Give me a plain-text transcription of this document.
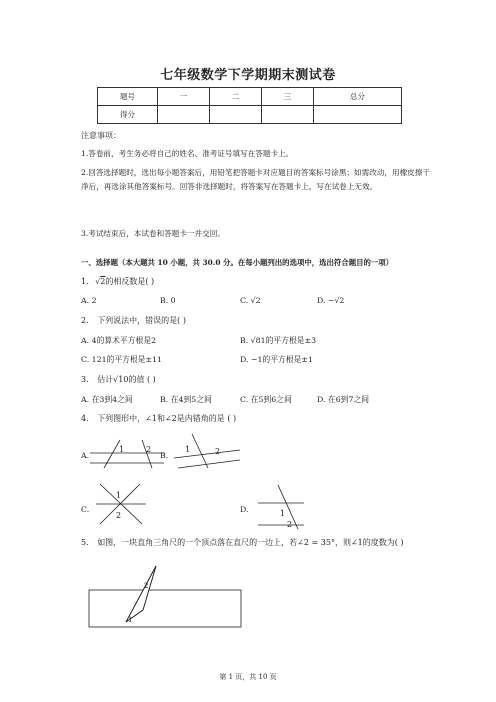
七年级数学下学期期末测试卷
题号	一	二	三	总分
得分				
注意事项：
1.答卷前，考生务必将自己的姓名、准考证号填写在答题卡上。
2.回答选择题时，选出每小题答案后，用铅笔把答题卡对应题目的答案标号涂黑；如需改动，用橡皮擦干净后，再选涂其他答案标号。回答非选择题时，将答案写在答题卡上，写在试卷上无效。
3.考试结束后，本试卷和答题卡一并交回。
一、选择题（本大题共 10 小题，共 30.0 分。在每小题列出的选项中，选出符合题目的一项）
1. √2的相反数是( )
A. 2	B. 0	C. √2	D. −√2
2. 下列说法中，错误的是( )
A. 4的算术平方根是2	B. √81的平方根是±3
C. 121的平方根是±11	D. −1的平方根是±1
3. 估计√10的值 ( )
A. 在3到4之间	B. 在4到5之间	C. 在5到6之间	D. 在6到7之间
4. 下列图形中，∠1和∠2是内错角的是 ( )
A.
1	2
B.
1	2
C.
1
2
D.	1
2
5. 如图，一块直角三角尺的一个顶点落在直尺的一边上，若∠2 = 35°，则∠1的度数为( )
2
1
第 1 页，共 10 页
